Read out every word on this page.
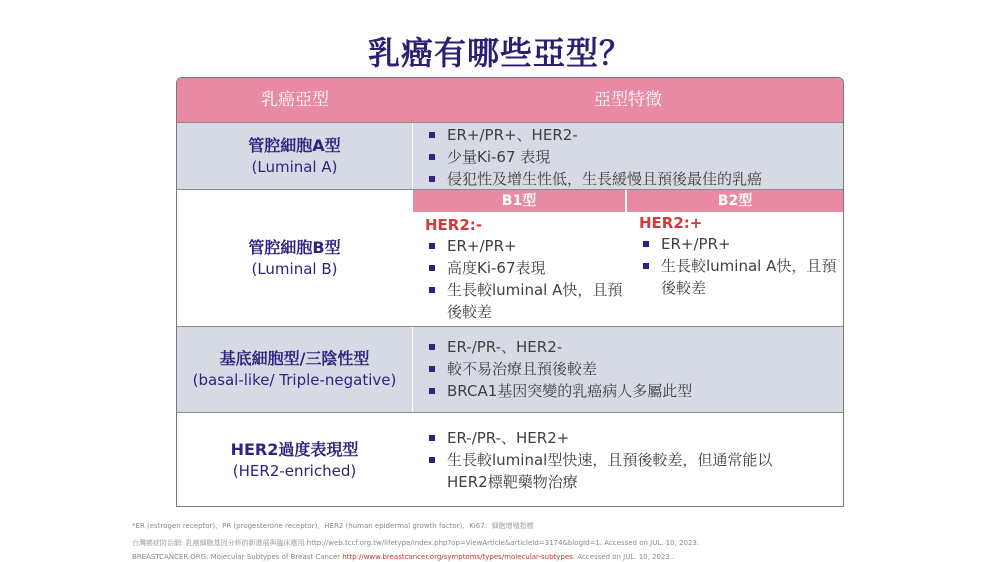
乳癌有哪些亞型？
乳癌亞型	亞型特徵
管腔細胞A型
(Luminal A)
ER+/PR+、HER2-
少量Ki-67 表現
侵犯性及增生性低，生長緩慢且預後最佳的乳癌
管腔細胞B型
(Luminal B)
B1型	B2型
HER2:-
ER+/PR+
高度Ki-67表現
生長較luminal A快，且預後較差
HER2:+
ER+/PR+
生長較luminal A快，且預後較差
基底細胞型/三陰性型
(basal-like/ Triple-negative)
ER-/PR-、HER2-
較不易治療且預後較差
BRCA1基因突變的乳癌病人多屬此型
HER2過度表現型
(HER2-enriched)
ER-/PR-、HER2+
生長較luminal型快速，且預後較差，但通常能以HER2標靶藥物治療
*ER (estrogen receptor)、PR (progesterone receptor)、HER2 (human epidermal growth factor)、Ki67：細胞增殖指標
台灣癌症防治網: 乳癌細胞基因分析的新進展與臨床應用 http://web.tccf.org.tw/lifetype/index.php?op=ViewArticle&articleId=3174&blogId=1. Accessed on JUL. 10, 2023.
BREASTCANCER.ORG: Molecular Subtypes of Breast Cancer http://www.breastcancer.org/symptoms/types/molecular-subtypes. Accessed on JUL. 10, 2023..
